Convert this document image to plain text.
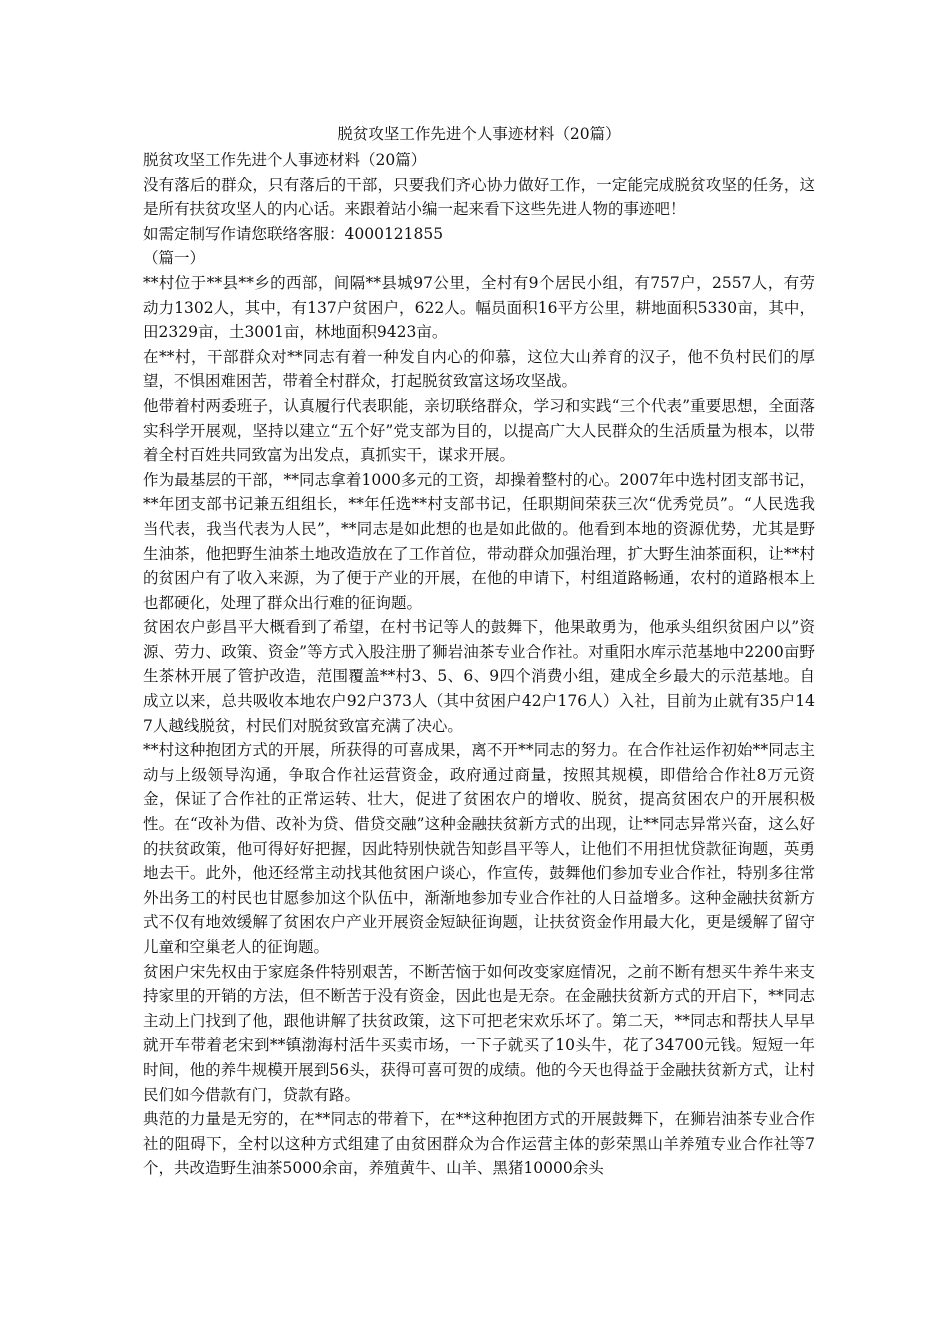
脱贫攻坚工作先进个人事迹材料（20篇）

脱贫攻坚工作先进个人事迹材料（20篇）

没有落后的群众，只有落后的干部，只要我们齐心协力做好工作，一定能完成脱贫攻坚的任务，这是所有扶贫攻坚人的内心话。来跟着站小编一起来看下这些先进人物的事迹吧！

如需定制写作请您联络客服：4000121855

（篇一）

**村位于**县**乡的西部，间隔**县城97公里，全村有9个居民小组，有757户，2557人，有劳动力1302人，其中，有137户贫困户，622人。幅员面积16平方公里，耕地面积5330亩，其中，田2329亩，土3001亩，林地面积9423亩。

在**村，干部群众对**同志有着一种发自内心的仰慕，这位大山养育的汉子，他不负村民们的厚望，不惧困难困苦，带着全村群众，打起脱贫致富这场攻坚战。

他带着村两委班子，认真履行代表职能，亲切联络群众，学习和实践“三个代表”重要思想，全面落实科学开展观，坚持以建立“五个好”党支部为目的，以提高广大人民群众的生活质量为根本，以带着全村百姓共同致富为出发点，真抓实干，谋求开展。

作为最基层的干部，**同志拿着1000多元的工资，却操着整村的心。2007年中选村团支部书记，**年团支部书记兼五组组长，**年任选**村支部书记，任职期间荣获三次“优秀党员”。“人民选我当代表，我当代表为人民”，**同志是如此想的也是如此做的。他看到本地的资源优势，尤其是野生油茶，他把野生油茶土地改造放在了工作首位，带动群众加强治理，扩大野生油茶面积，让**村的贫困户有了收入来源，为了便于产业的开展，在他的申请下，村组道路畅通，农村的道路根本上也都硬化，处理了群众出行难的征询题。

贫困农户彭昌平大概看到了希望，在村书记等人的鼓舞下，他果敢勇为，他承头组织贫困户以”资源、劳力、政策、资金”等方式入股注册了狮岩油茶专业合作社。对重阳水库示范基地中2200亩野生茶林开展了管护改造，范围覆盖**村3、5、6、9四个消费小组，建成全乡最大的示范基地。自成立以来，总共吸收本地农户92户373人（其中贫困户42户176人）入社，目前为止就有35户147人越线脱贫，村民们对脱贫致富充满了决心。

**村这种抱团方式的开展，所获得的可喜成果，离不开**同志的努力。在合作社运作初始**同志主动与上级领导沟通，争取合作社运营资金，政府通过商量，按照其规模，即借给合作社8万元资金，保证了合作社的正常运转、壮大，促进了贫困农户的增收、脱贫，提高贫困农户的开展积极性。在“改补为借、改补为贷、借贷交融”这种金融扶贫新方式的出现，让**同志异常兴奋，这么好的扶贫政策，他可得好好把握，因此特别快就告知彭昌平等人，让他们不用担忧贷款征询题，英勇地去干。此外，他还经常主动找其他贫困户谈心，作宣传，鼓舞他们参加专业合作社，特别多往常外出务工的村民也甘愿参加这个队伍中，渐渐地参加专业合作社的人日益增多。这种金融扶贫新方式不仅有地效缓解了贫困农户产业开展资金短缺征询题，让扶贫资金作用最大化，更是缓解了留守儿童和空巢老人的征询题。

贫困户宋先权由于家庭条件特别艰苦，不断苦恼于如何改变家庭情况，之前不断有想买牛养牛来支持家里的开销的方法，但不断苦于没有资金，因此也是无奈。在金融扶贫新方式的开启下，**同志主动上门找到了他，跟他讲解了扶贫政策，这下可把老宋欢乐坏了。第二天，**同志和帮扶人早早就开车带着老宋到**镇渤海村活牛买卖市场，一下子就买了10头牛，花了34700元钱。短短一年时间，他的养牛规模开展到56头，获得可喜可贺的成绩。他的今天也得益于金融扶贫新方式，让村民们如今借款有门，贷款有路。

典范的力量是无穷的，在**同志的带着下，在**这种抱团方式的开展鼓舞下，在狮岩油茶专业合作社的阻碍下，全村以这种方式组建了由贫困群众为合作运营主体的彭荣黑山羊养殖专业合作社等7个，共改造野生油茶5000余亩，养殖黄牛、山羊、黑猪10000余头
